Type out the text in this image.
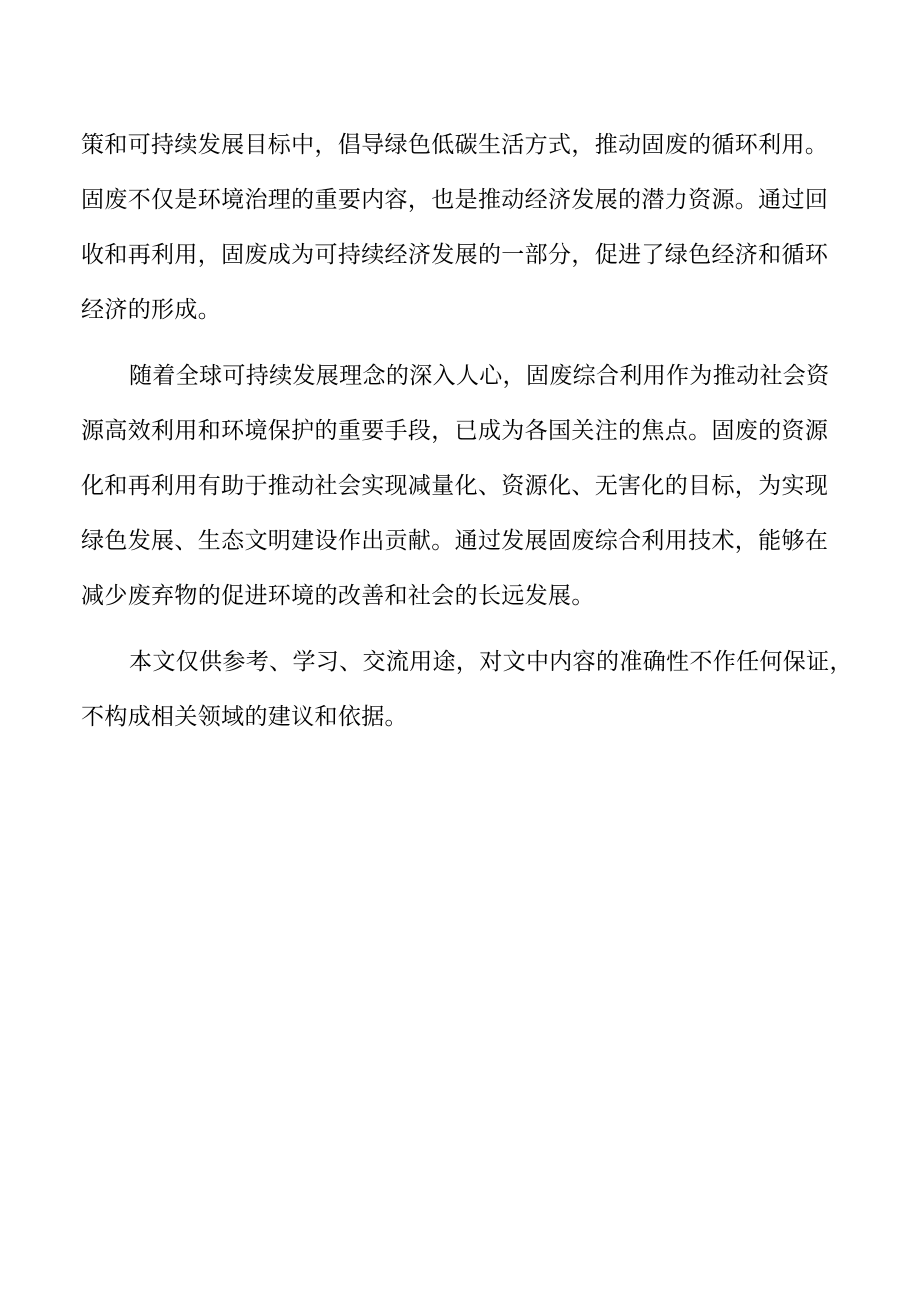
策和可持续发展目标中，倡导绿色低碳生活方式，推动固废的循环利用。
固废不仅是环境治理的重要内容，也是推动经济发展的潜力资源。通过回
收和再利用，固废成为可持续经济发展的一部分，促进了绿色经济和循环
经济的形成。

随着全球可持续发展理念的深入人心，固废综合利用作为推动社会资
源高效利用和环境保护的重要手段，已成为各国关注的焦点。固废的资源
化和再利用有助于推动社会实现减量化、资源化、无害化的目标，为实现
绿色发展、生态文明建设作出贡献。通过发展固废综合利用技术，能够在
减少废弃物的促进环境的改善和社会的长远发展。

本文仅供参考、学习、交流用途，对文中内容的准确性不作任何保证，
不构成相关领域的建议和依据。
